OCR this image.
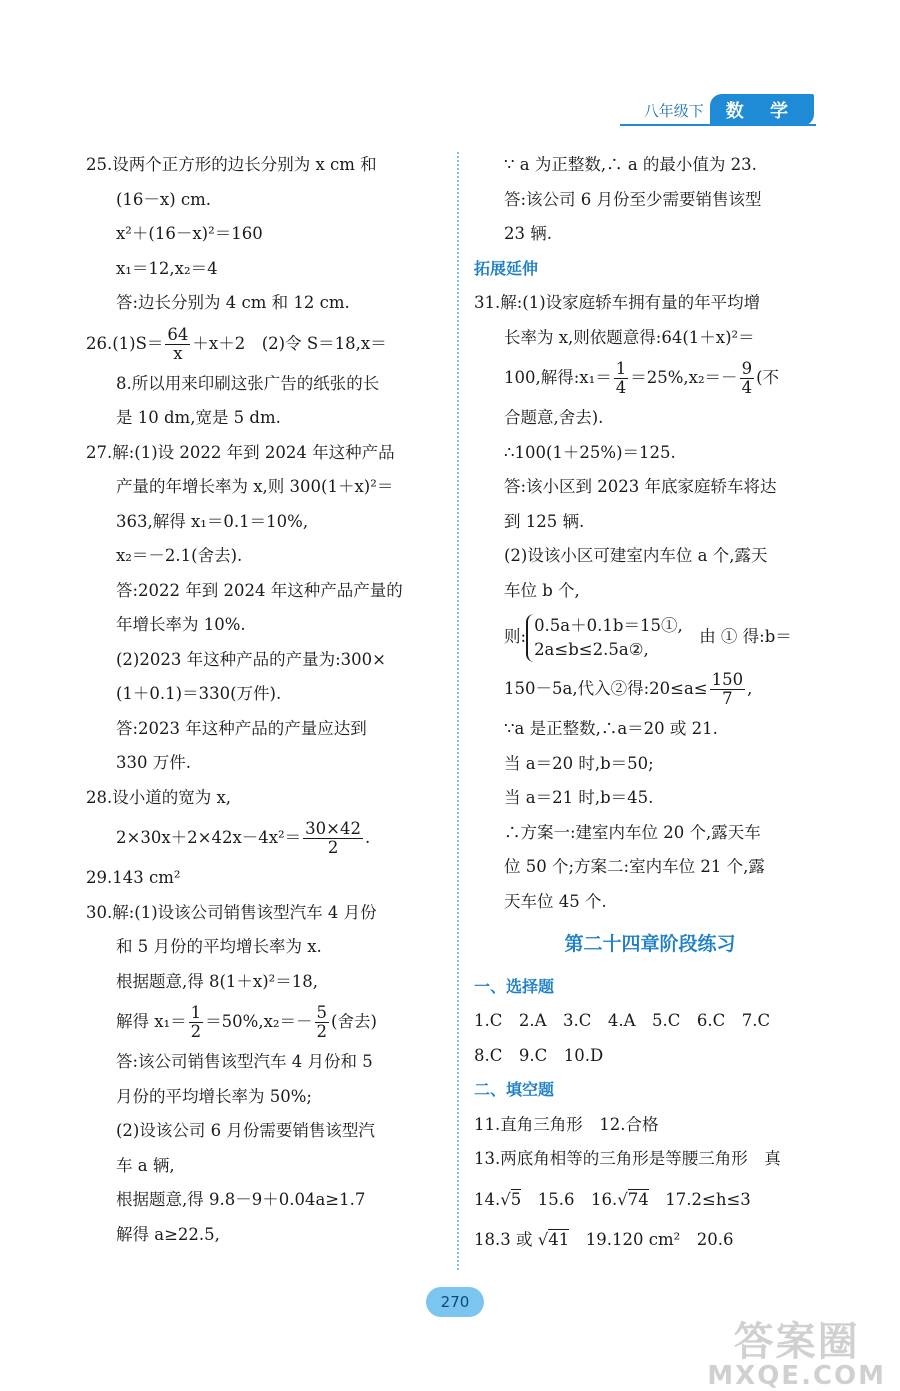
八年级下	数 学

25.设两个正方形的边长分别为 x cm 和

(16－x) cm.

x²＋(16－x)²＝160

x₁＝12,x₂＝4

答:边长分别为 4 cm 和 12 cm.

$26.(1)S= \frac{64}{x} +x+2$　(2)令 S＝18,x＝

8.所以用来印刷这张广告的纸张的长

是 10 dm,宽是 5 dm.

27.解:(1)设 2022 年到 2024 年这种产品

产量的年增长率为 x,则 300(1＋x)²＝

363,解得 x₁＝0.1＝10%,

x₂＝－2.1(舍去).

答:2022 年到 2024 年这种产品产量的

年增长率为 10%.

(2)2023 年这种产品的产量为:300×

(1＋0.1)＝330(万件).

答:2023 年这种产品的产量应达到

330 万件.

28.设小道的宽为 x,

$2\times 30x+2\times 42x-4x^2= \frac{30\times 42}{2}$ .

29.143 cm²

30.解:(1)设该公司销售该型汽车 4 月份

和 5 月份的平均增长率为 x.

根据题意,得 8(1＋x)²＝18,

解得 $x_1= \frac{1}{2} =50\%,x_2=- \frac{5}{2}$ (舍去)

答:该公司销售该型汽车 4 月份和 5

月份的平均增长率为 50%;

(2)设该公司 6 月份需要销售该型汽

车 a 辆,

根据题意,得 9.8－9＋0.04a≥1.7

解得 a≥22.5,

∵ a 为正整数,∴ a 的最小值为 23.

答:该公司 6 月份至少需要销售该型

23 辆.

拓展延伸

31.解:(1)设家庭轿车拥有量的年平均增

长率为 x,则依题意得:64(1＋x)²＝

100,解得:x₁＝ $\frac{1}{4} =25\%,x_2=- \frac{9}{4}$ (不

合题意,舍去).

∴100(1＋25%)＝125.

答:该小区到 2023 年底家庭轿车将达

到 125 辆.

(2)设该小区可建室内车位 a 个,露天

车位 b 个,

则:
0.5a＋0.1b＝15①,
2a≤b≤2.5a②,
　由 ① 得:b＝

150－5a,代入②得:20≤a≤ $\frac{150}{7}$ ,

∵a 是正整数,∴a＝20 或 21.

当 a＝20 时,b＝50;

当 a＝21 时,b＝45.

∴方案一:建室内车位 20 个,露天车

位 50 个;方案二:室内车位 21 个,露

天车位 45 个.

第二十四章阶段练习

一、选择题

1.C　2.A　3.C　4.A　5.C　6.C　7.C

8.C　9.C　10.D

二、填空题

11.直角三角形　12.合格

13.两底角相等的三角形是等腰三角形　真

14.√5　15.6　16.√74　17.2≤h≤3

18.3 或 √41　19.120 cm²　20.6

270
答案圈
MXQE.COM
